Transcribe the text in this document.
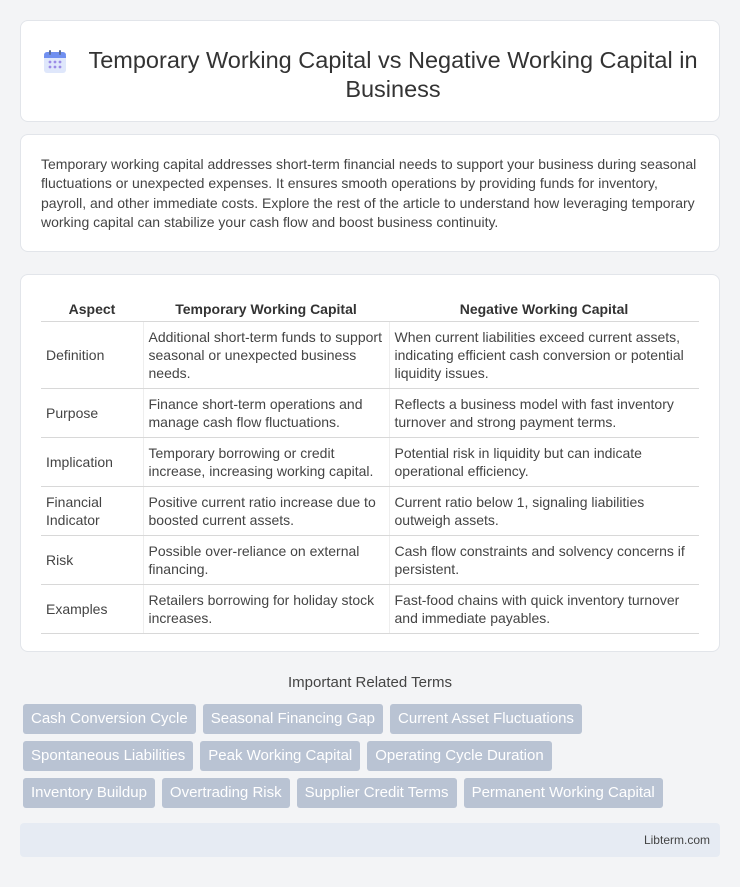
Temporary Working Capital vs Negative Working Capital in Business

Temporary working capital addresses short-term financial needs to support your business during seasonal fluctuations or unexpected expenses. It ensures smooth operations by providing funds for inventory, payroll, and other immediate costs. Explore the rest of the article to understand how leveraging temporary working capital can stabilize your cash flow and boost business continuity.

Aspect	Temporary Working Capital	Negative Working Capital
Definition	Additional short-term funds to support seasonal or unexpected business needs.	When current liabilities exceed current assets, indicating efficient cash conversion or potential liquidity issues.
Purpose	Finance short-term operations and manage cash flow fluctuations.	Reflects a business model with fast inventory turnover and strong payment terms.
Implication	Temporary borrowing or credit increase, increasing working capital.	Potential risk in liquidity but can indicate operational efficiency.
Financial Indicator	Positive current ratio increase due to boosted current assets.	Current ratio below 1, signaling liabilities outweigh assets.
Risk	Possible over-reliance on external financing.	Cash flow constraints and solvency concerns if persistent.
Examples	Retailers borrowing for holiday stock increases.	Fast-food chains with quick inventory turnover and immediate payables.
Important Related Terms
Cash Conversion Cycle	Seasonal Financing Gap	Current Asset Fluctuations
Spontaneous Liabilities	Peak Working Capital	Operating Cycle Duration
Inventory Buildup	Overtrading Risk	Supplier Credit Terms	Permanent Working Capital
Libterm.com
